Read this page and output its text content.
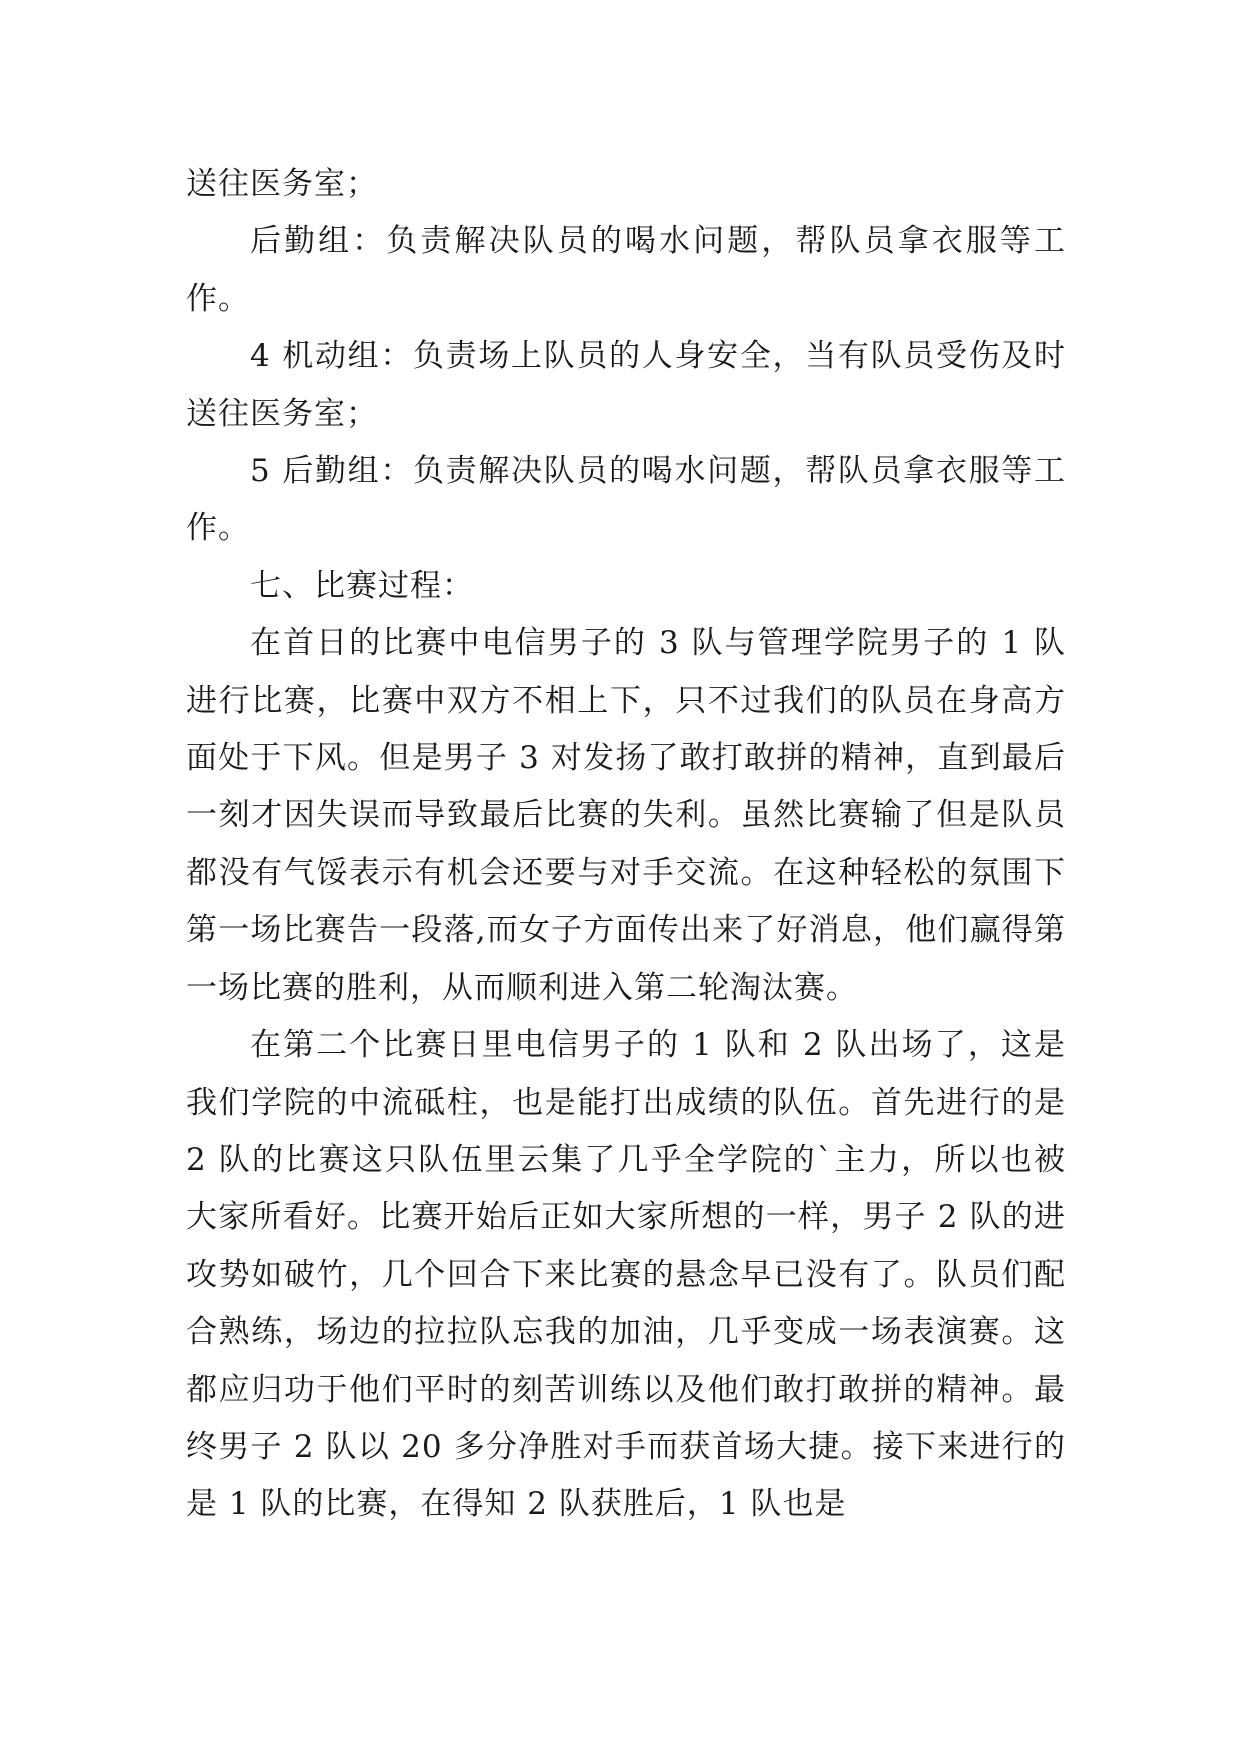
送往医务室；

后勤组：负责解决队员的喝水问题，帮队员拿衣服等工作。

4 机动组：负责场上队员的人身安全，当有队员受伤及时送往医务室；

5 后勤组：负责解决队员的喝水问题，帮队员拿衣服等工作。

七、比赛过程：

在首日的比赛中电信男子的 3 队与管理学院男子的 1 队进行比赛，比赛中双方不相上下，只不过我们的队员在身高方面处于下风。但是男子 3 对发扬了敢打敢拼的精神，直到最后一刻才因失误而导致最后比赛的失利。虽然比赛输了但是队员都没有气馁表示有机会还要与对手交流。在这种轻松的氛围下第一场比赛告一段落,而女子方面传出来了好消息，他们赢得第一场比赛的胜利，从而顺利进入第二轮淘汰赛。

在第二个比赛日里电信男子的 1 队和 2 队出场了，这是我们学院的中流砥柱，也是能打出成绩的队伍。首先进行的是 2 队的比赛这只队伍里云集了几乎全学院的`主力，所以也被大家所看好。比赛开始后正如大家所想的一样，男子 2 队的进攻势如破竹，几个回合下来比赛的悬念早已没有了。队员们配合熟练，场边的拉拉队忘我的加油，几乎变成一场表演赛。这都应归功于他们平时的刻苦训练以及他们敢打敢拼的精神。最终男子 2 队以 20 多分净胜对手而获首场大捷。接下来进行的是 1 队的比赛，在得知 2 队获胜后，1 队也是
